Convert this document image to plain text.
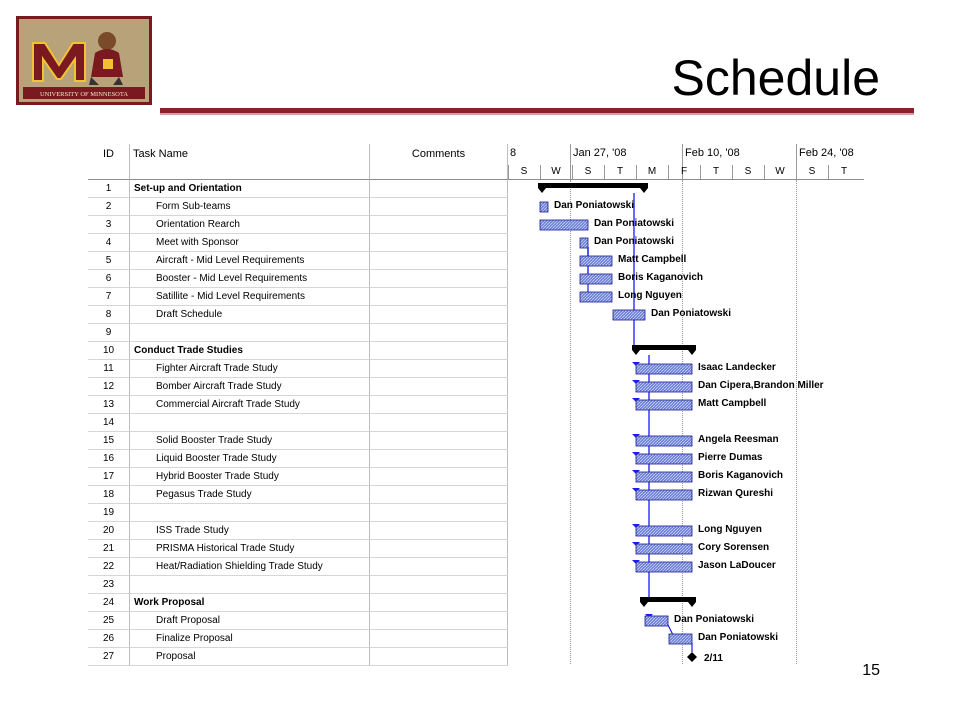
UNIVERSITY OF MINNESOTA	Schedule
ID	Task Name	Comments
1	Set-up and Orientation
2	Form Sub-teams
3	Orientation Rearch
4	Meet with Sponsor
5	Aircraft - Mid Level Requirements
6	Booster - Mid Level Requirements
7	Satillite - Mid Level Requirements
8	Draft Schedule
9
10	Conduct Trade Studies
11	Fighter Aircraft Trade Study
12	Bomber Aircraft Trade Study
13	Commercial Aircraft Trade Study
14
15	Solid Booster Trade Study
16	Liquid Booster Trade Study
17	Hybrid Booster Trade Study
18	Pegasus Trade Study
19
20	ISS Trade Study
21	PRISMA Historical Trade Study
22	Heat/Radiation Shielding Trade Study
23
24	Work Proposal
25	Draft Proposal
26	Finalize Proposal
27	Proposal
8	Jan 27, '08	Feb 10, '08	Feb 24, '08
S	W	S	T	M	F	T	S	W	S	T
Dan Poniatowski
Dan Poniatowski
Dan Poniatowski
Matt Campbell
Boris Kaganovich
Long Nguyen
Dan Poniatowski
Isaac Landecker
Dan Cipera,Brandon Miller
Matt Campbell
Angela Reesman
Pierre Dumas
Boris Kaganovich
Rizwan Qureshi
Long Nguyen
Cory Sorensen
Jason LaDoucer
Dan Poniatowski
Dan Poniatowski
2/11
15
